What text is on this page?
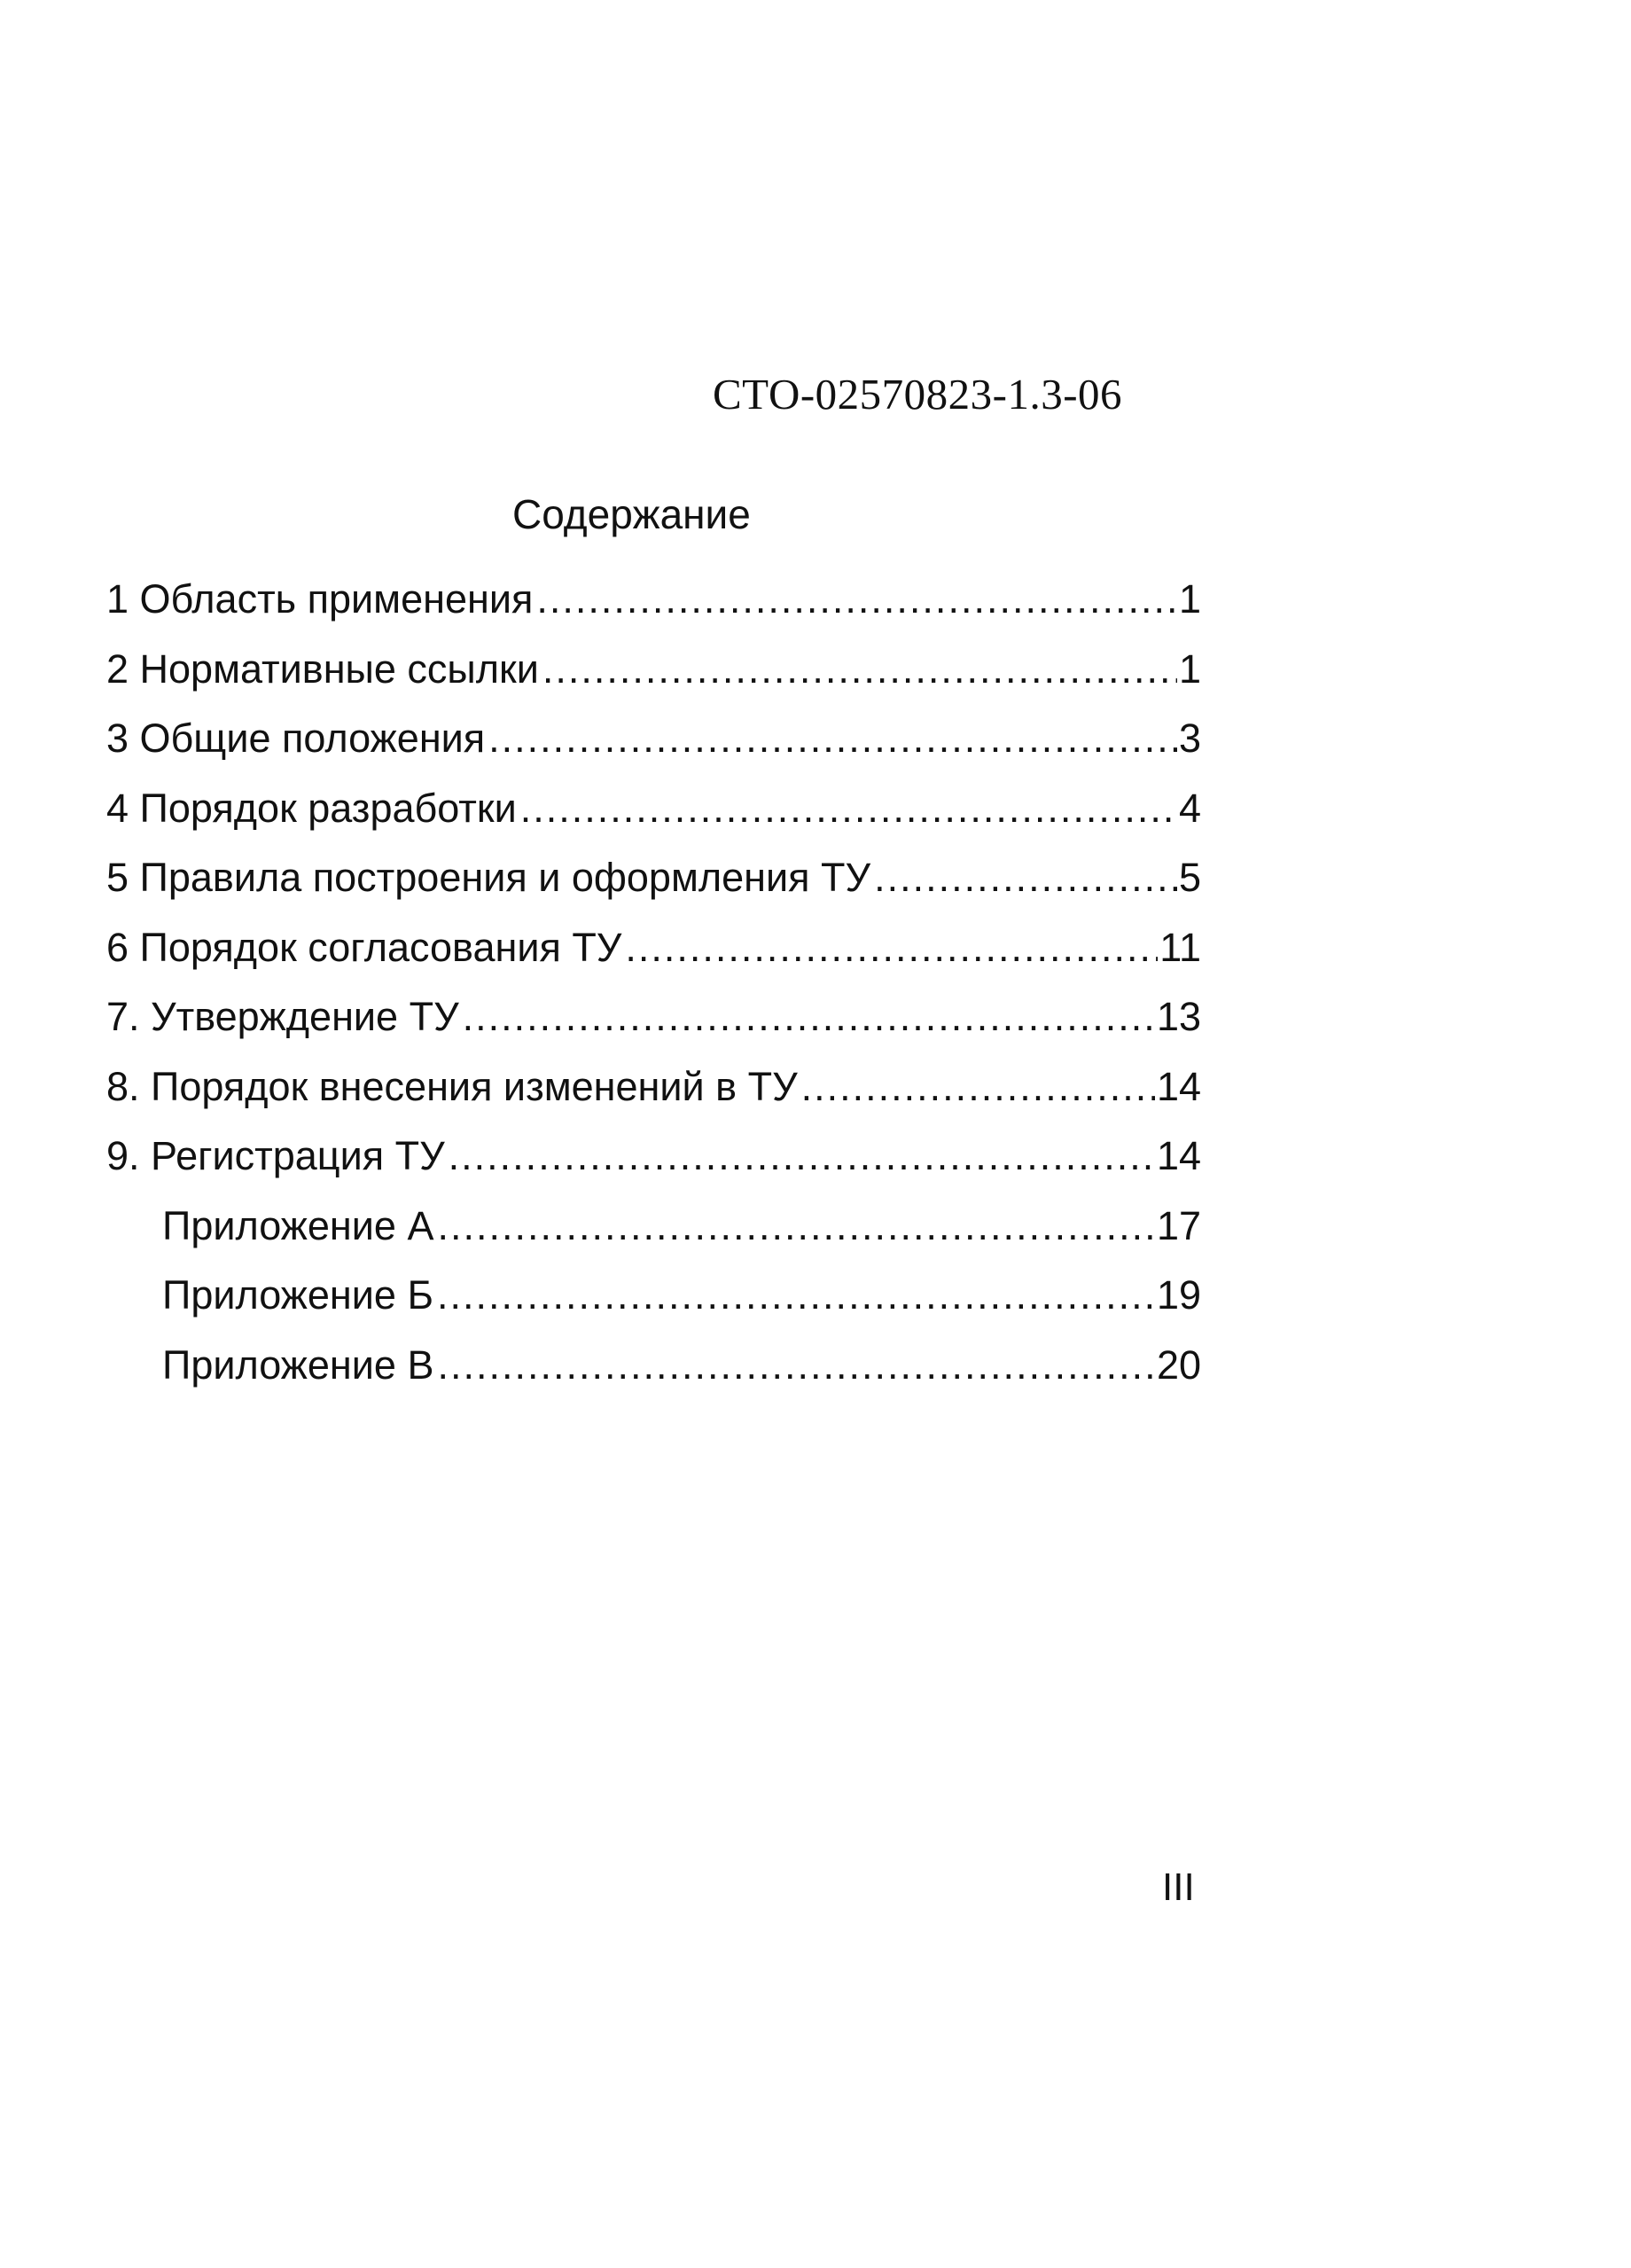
СТО-02570823-1.3-06
Содержание
1 Область применения .....	1
2 Нормативные ссылки .....	1
3 Общие положения .....	3
4 Порядок разработки .....	4
5 Правила построения и оформления ТУ .....	5
6 Порядок согласования ТУ .....	11
7. Утверждение ТУ .....	13
8. Порядок внесения изменений в ТУ .....	14
9. Регистрация ТУ .....	14
Приложение А .....	17
Приложение Б .....	19
Приложение В .....	20
III
